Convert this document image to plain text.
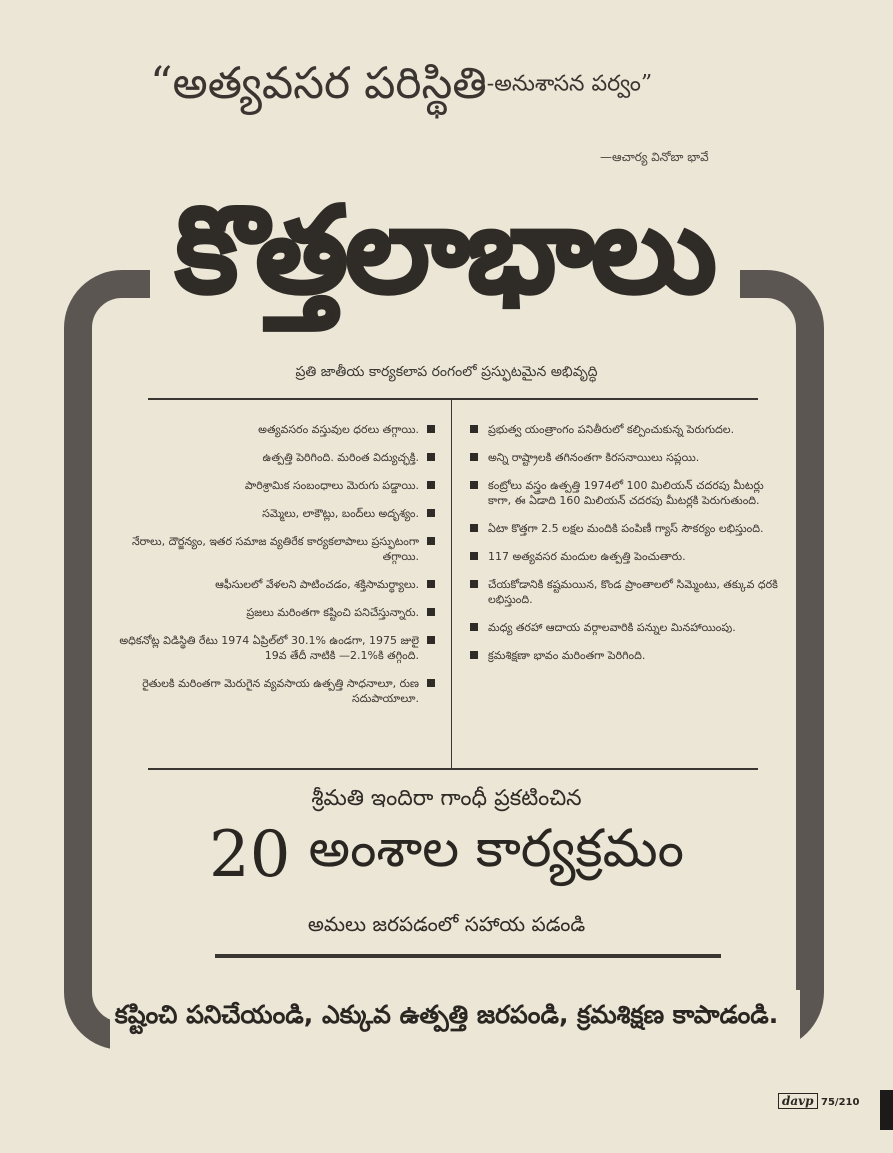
“అత్యవసర పరిస్థితి-అనుశాసన పర్వం”
—ఆచార్య వినోబా భావే
కొత్తలాభాలు
ప్రతి జాతీయ కార్యకలాప రంగంలో ప్రస్ఫుటమైన అభివృద్ధి
అత్యవసరం వస్తువుల ధరలు తగ్గాయి.
ఉత్పత్తి పెరిగింది. మరింత విద్యుచ్ఛక్తి.
పారిశ్రామిక సంబంధాలు మెరుగు పడ్డాయి.
సమ్మెలు, లాకౌట్లు, బంద్‌లు అదృశ్యం.
నేరాలు, దౌర్జన్యం, ఇతర సమాజ వ్యతిరేక కార్యకలాపాలు ప్రస్ఫుటంగా తగ్గాయి.
ఆఫీసులలో వేళలని పాటించడం, శక్తిసామర్థ్యాలు.
ప్రజలు మరింతగా కష్టించి పనిచేస్తున్నారు.
అధికనోట్ల విడిస్థితి రేటు 1974 ఏప్రిల్‌లో 30.1% ఉండగా, 1975 జులై 19వ తేదీ నాటికి —2.1%కి తగ్గింది.
రైతులకి మరింతగా మెరుగైన వ్యవసాయ ఉత్పత్తి సాధనాలూ, రుణ సదుపాయాలూ.
ప్రభుత్వ యంత్రాంగం పనితీరులో కల్పించుకున్న పెరుగుదల.
అన్ని రాష్ట్రాలకి తగినంతగా కిరసనాయిలు సప్లయి.
కంట్రోలు వస్త్రం ఉత్పత్తి 1974లో 100 మిలియన్ చదరపు మీటర్లు కాగా, ఈ ఏడాది 160 మిలియన్ చదరపు మీటర్లకి పెరుగుతుంది.
ఏటా కొత్తగా 2.5 లక్షల మందికి పంపిణీ గ్యాస్ సౌకర్యం లభిస్తుంది.
117 అత్యవసర మందుల ఉత్పత్తి పెంచుతారు.
చేయకోడానికి కష్టమయిన, కొండ ప్రాంతాలలో సిమ్మెంటు, తక్కువ ధరకి లభిస్తుంది.
మధ్య తరహా ఆదాయ వర్గాలవారికి పన్నుల మినహాయింపు.
క్రమశిక్షణా భావం మరింతగా పెరిగింది.
శ్రీమతి ఇందిరా గాంధీ ప్రకటించిన
20 అంశాల కార్యక్రమం
అమలు జరపడంలో సహాయ పడండి
కష్టించి పనిచేయండి, ఎక్కువ ఉత్పత్తి జరపండి, క్రమశిక్షణ కాపాడండి.
davp 75/210
